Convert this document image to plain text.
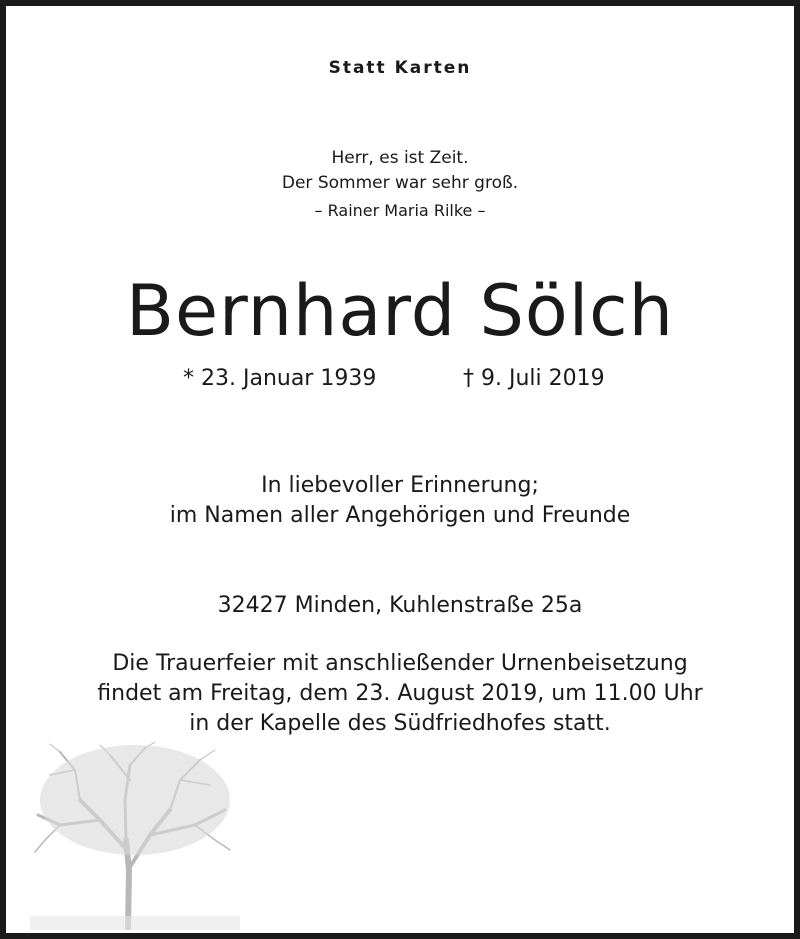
Statt Karten
Herr, es ist Zeit.
Der Sommer war sehr groß.
– Rainer Maria Rilke –
Bernhard Sölch
* 23. Januar 1939	† 9. Juli 2019
In liebevoller Erinnerung;
im Namen aller Angehörigen und Freunde
32427 Minden, Kuhlenstraße 25a
Die Trauerfeier mit anschließender Urnenbeisetzung
findet am Freitag, dem 23. August 2019, um 11.00 Uhr
in der Kapelle des Südfriedhofes statt.
